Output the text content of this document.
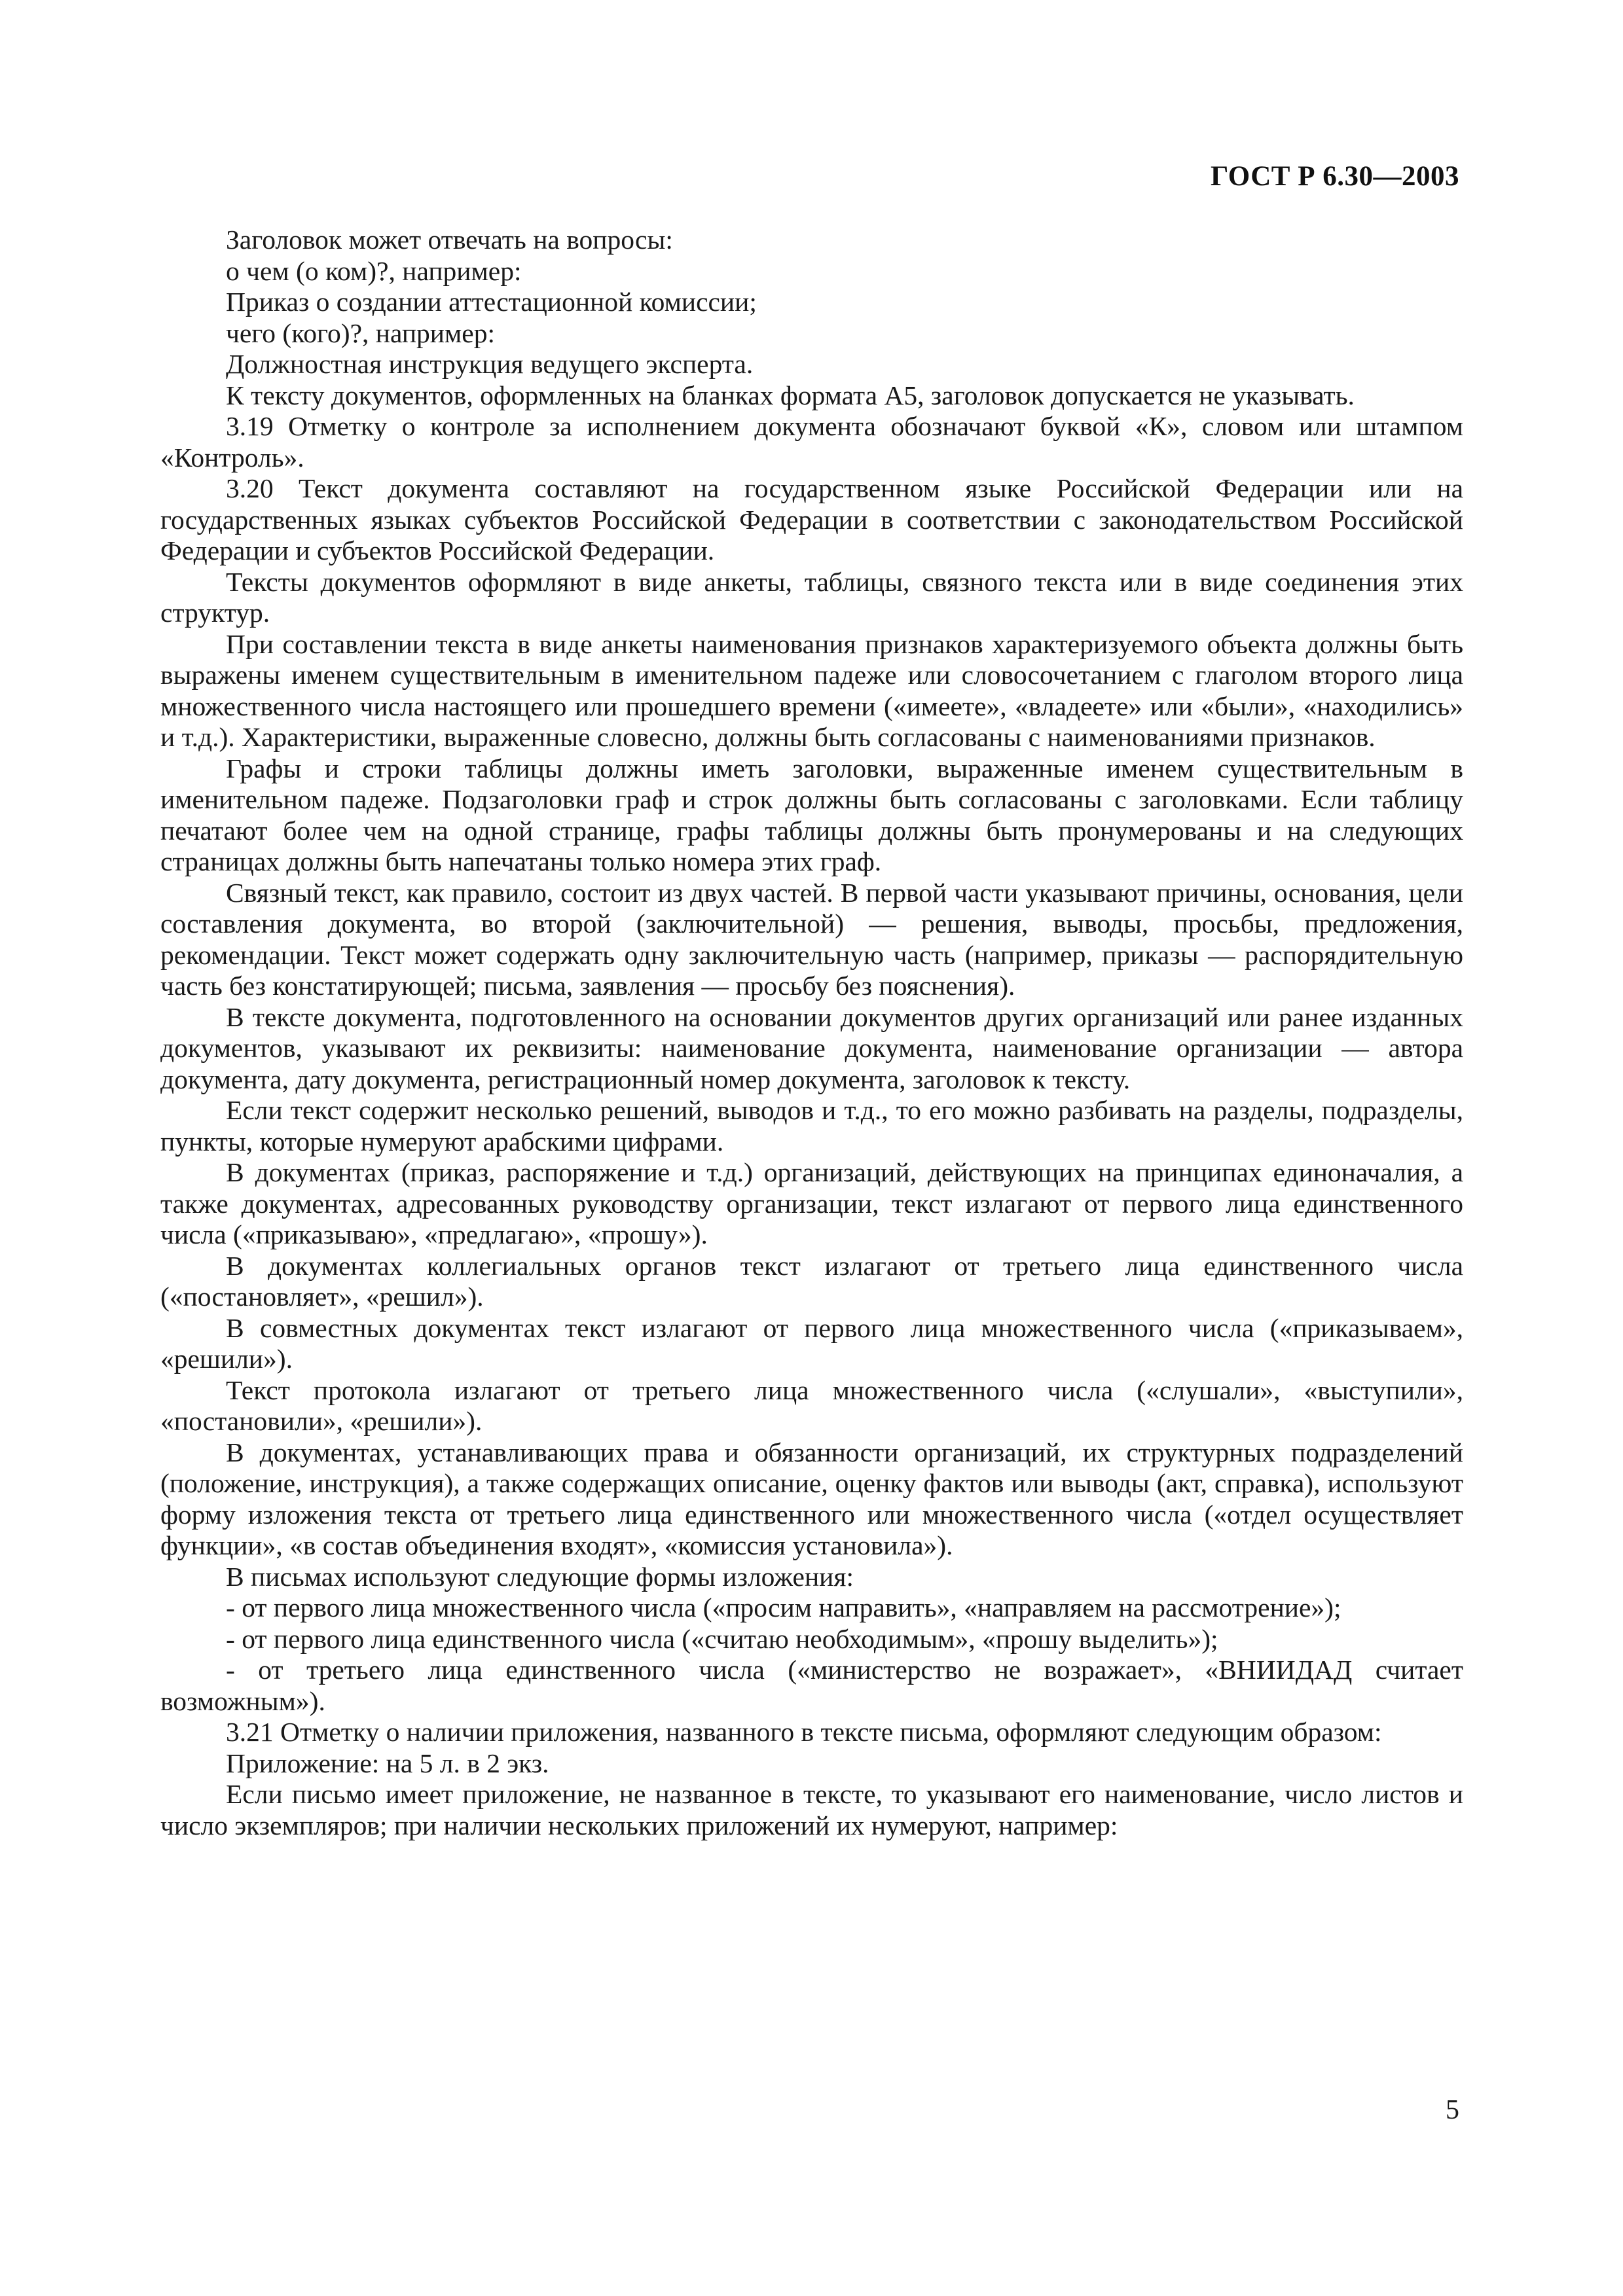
ГОСТ Р 6.30—2003

Заголовок может отвечать на вопросы:

о чем (о ком)?, например:

Приказ о создании аттестационной комиссии;

чего (кого)?, например:

Должностная инструкция ведущего эксперта.

К тексту документов, оформленных на бланках формата А5, заголовок допускается не указывать.

3.19 Отметку о контроле за исполнением документа обозначают буквой «К», словом или штампом «Контроль».

3.20 Текст документа составляют на государственном языке Российской Федерации или на государственных языках субъектов Российской Федерации в соответствии с законодательством Российской Федерации и субъектов Российской Федерации.

Тексты документов оформляют в виде анкеты, таблицы, связного текста или в виде соединения этих структур.

При составлении текста в виде анкеты наименования признаков характеризуемого объекта должны быть выражены именем существительным в именительном падеже или словосочетанием с глаголом второго лица множественного числа настоящего или прошедшего времени («имеете», «владеете» или «были», «находились» и т.д.). Характеристики, выраженные словесно, должны быть согласованы с наименованиями признаков.

Графы и строки таблицы должны иметь заголовки, выраженные именем существительным в именительном падеже. Подзаголовки граф и строк должны быть согласованы с заголовками. Если таблицу печатают более чем на одной странице, графы таблицы должны быть пронумерованы и на следующих страницах должны быть напечатаны только номера этих граф.

Связный текст, как правило, состоит из двух частей. В первой части указывают причины, основания, цели составления документа, во второй (заключительной) — решения, выводы, просьбы, предложения, рекомендации. Текст может содержать одну заключительную часть (например, приказы — распорядительную часть без констатирующей; письма, заявления — просьбу без пояснения).

В тексте документа, подготовленного на основании документов других организаций или ранее изданных документов, указывают их реквизиты: наименование документа, наименование организации — автора документа, дату документа, регистрационный номер документа, заголовок к тексту.

Если текст содержит несколько решений, выводов и т.д., то его можно разбивать на разделы, подразделы, пункты, которые нумеруют арабскими цифрами.

В документах (приказ, распоряжение и т.д.) организаций, действующих на принципах единоначалия, а также документах, адресованных руководству организации, текст излагают от первого лица единственного числа («приказываю», «предлагаю», «прошу»).

В документах коллегиальных органов текст излагают от третьего лица единственного числа («постановляет», «решил»).

В совместных документах текст излагают от первого лица множественного числа («приказываем», «решили»).

Текст протокола излагают от третьего лица множественного числа («слушали», «выступили», «постановили», «решили»).

В документах, устанавливающих права и обязанности организаций, их структурных подразделений (положение, инструкция), а также содержащих описание, оценку фактов или выводы (акт, справка), используют форму изложения текста от третьего лица единственного или множественного числа («отдел осуществляет функции», «в состав объединения входят», «комиссия установила»).

В письмах используют следующие формы изложения:

- от первого лица множественного числа («просим направить», «направляем на рассмотрение»);

- от первого лица единственного числа («считаю необходимым», «прошу выделить»);

- от третьего лица единственного числа («министерство не возражает», «ВНИИДАД считает возможным»).

3.21 Отметку о наличии приложения, названного в тексте письма, оформляют следующим образом:

Приложение: на 5 л. в 2 экз.

Если письмо имеет приложение, не названное в тексте, то указывают его наименование, число листов и число экземпляров; при наличии нескольких приложений их нумеруют, например:

5
